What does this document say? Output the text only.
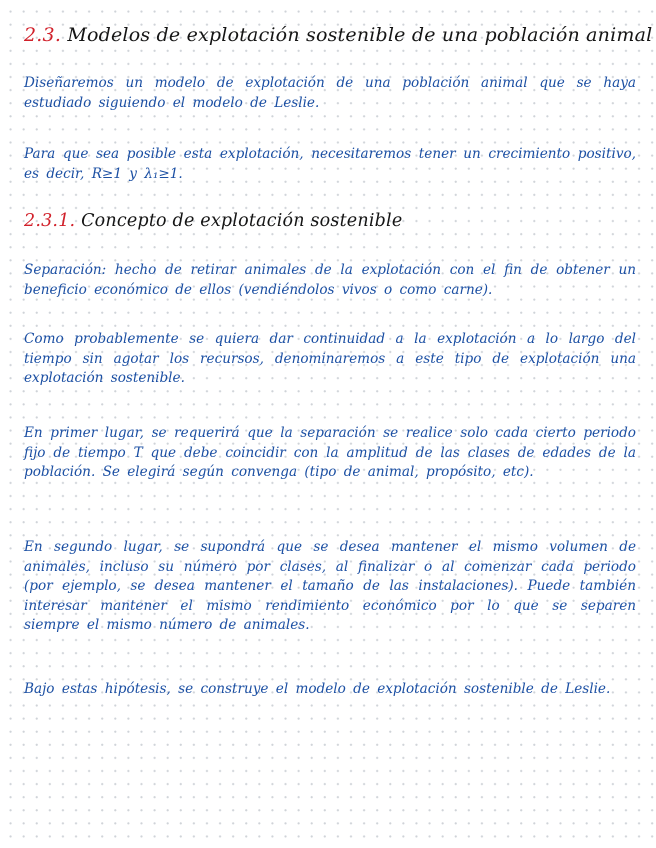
2.3. Modelos de explotación sostenible de una población animal

Diseñaremos un modelo de explotación de una población animal que se haya estudiado siguiendo el modelo de Leslie.

Para que sea posible esta explotación, necesitaremos tener un crecimiento positivo, es decir, R≥1 y λ₁≥1.

2.3.1. Concepto de explotación sostenible

Separación: hecho de retirar animales de la explotación con el fin de obtener un beneficio económico de ellos (vendiéndolos vivos o como carne).

Como probablemente se quiera dar continuidad a la explotación a lo largo del tiempo sin agotar los recursos, denominaremos a este tipo de explotación una explotación sostenible.

En primer lugar, se requerirá que la separación se realice solo cada cierto periodo fijo de tiempo T que debe coincidir con la amplitud de las clases de edades de la población. Se elegirá según convenga (tipo de animal, propósito, etc).

En segundo lugar, se supondrá que se desea mantener el mismo volumen de animales, incluso su número por clases, al finalizar o al comenzar cada periodo (por ejemplo, se desea mantener el tamaño de las instalaciones). Puede también interesar mantener el mismo rendimiento económico por lo que se separen siempre el mismo número de animales.

Bajo estas hipótesis, se construye el modelo de explotación sostenible de Leslie.
